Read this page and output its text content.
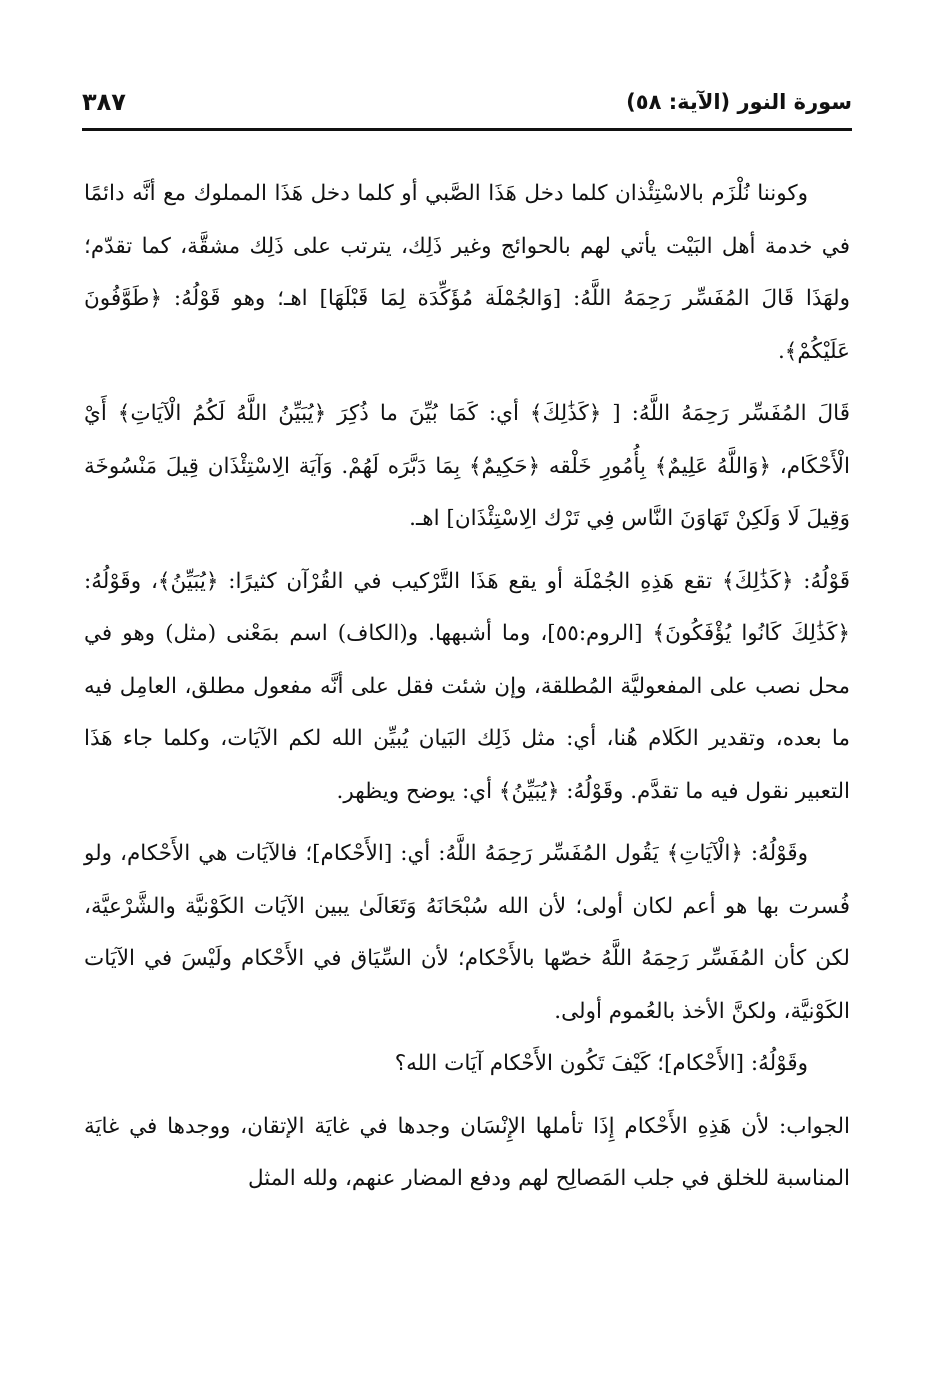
سورة النور (الآية: ٥٨)
٣٨٧

وكوننا نُلْزَم بالاسْتِئْذان كلما دخل هَذَا الصَّبي أو كلما دخل هَذَا المملوك مع أنَّه دائمًا في خدمة أهل البَيْت يأتي لهم بالحوائج وغير ذَلِك، يترتب على ذَلِك مشقَّة، كما تقدّم؛ ولهَذَا قَالَ المُفَسِّر رَحِمَهُ اللَّهُ: [وَالجُمْلَة مُؤَكِّدَة لِمَا قَبْلَهَا] اهـ؛ وهو قَوْلُهُ: ﴿طَوَّفُونَ عَلَيْكُمْ﴾.

قَالَ المُفَسِّر رَحِمَهُ اللَّهُ: [ ﴿كَذَٰلِكَ﴾ أي: كَمَا بُيِّنَ ما ذُكِرَ ﴿يُبَيِّنُ اللَّهُ لَكُمُ الْآيَاتِ﴾ أَيْ الْأَحْكَام، ﴿وَاللَّهُ عَلِيمٌ﴾ بِأُمُورِ خَلْقه ﴿حَكِيمٌ﴾ بِمَا دَبَّرَه لَهُمْ. وَآيَة الِاسْتِئْذَان قِيلَ مَنْسُوخَة وَقِيلَ لَا وَلَكِنْ تَهَاوَنَ النَّاس فِي تَرْك الِاسْتِئْذَان] اهـ.

قَوْلُهُ: ﴿كَذَٰلِكَ﴾ تقع هَذِهِ الجُمْلَة أو يقع هَذَا التَّرْكيب في القُرْآن كثيرًا: ﴿يُبَيِّنُ﴾، وقَوْلُهُ: ﴿كَذَٰلِكَ كَانُوا يُؤْفَكُونَ﴾ [الروم:٥٥]، وما أشبهها. و(الكاف) اسم بمَعْنى (مثل) وهو في محل نصب على المفعوليَّة المُطلقة، وإن شئت فقل على أنَّه مفعول مطلق، العامِل فيه ما بعده، وتقدير الكَلام هُنا، أي: مثل ذَلِك البَيان يُبيِّن الله لكم الآيَات، وكلما جاء هَذَا التعبير نقول فيه ما تقدَّم. وقَوْلُهُ: ﴿يُبَيِّنُ﴾ أي: يوضح ويظهر.

وقَوْلُهُ: ﴿الْآيَاتِ﴾ يَقُول المُفَسِّر رَحِمَهُ اللَّهُ: أي: [الأَحْكام]؛ فالآيَات هي الأَحْكام، ولو فُسرت بها هو أعم لكان أولى؛ لأن الله سُبْحَانَهُ وَتَعَالَىٰ يبين الآيَات الكَوْنيَّة والشَّرْعيَّة، لكن كأن المُفَسِّر رَحِمَهُ اللَّهُ خصّها بالأَحْكام؛ لأن السِّيَاق في الأَحْكام ولَيْسَ في الآيَات الكَوْنيَّة، ولكنَّ الأخذ بالعُموم أولى.

وقَوْلُهُ: [الأَحْكام]؛ كَيْفَ تَكُون الأَحْكام آيَات الله؟

الجواب: لأن هَذِهِ الأَحْكام إِذَا تأملها الإِنْسَان وجدها في غايَة الإتقان، ووجدها في غايَة المناسبة للخلق في جلب المَصالِح لهم ودفع المضار عنهم، ولله المثل
